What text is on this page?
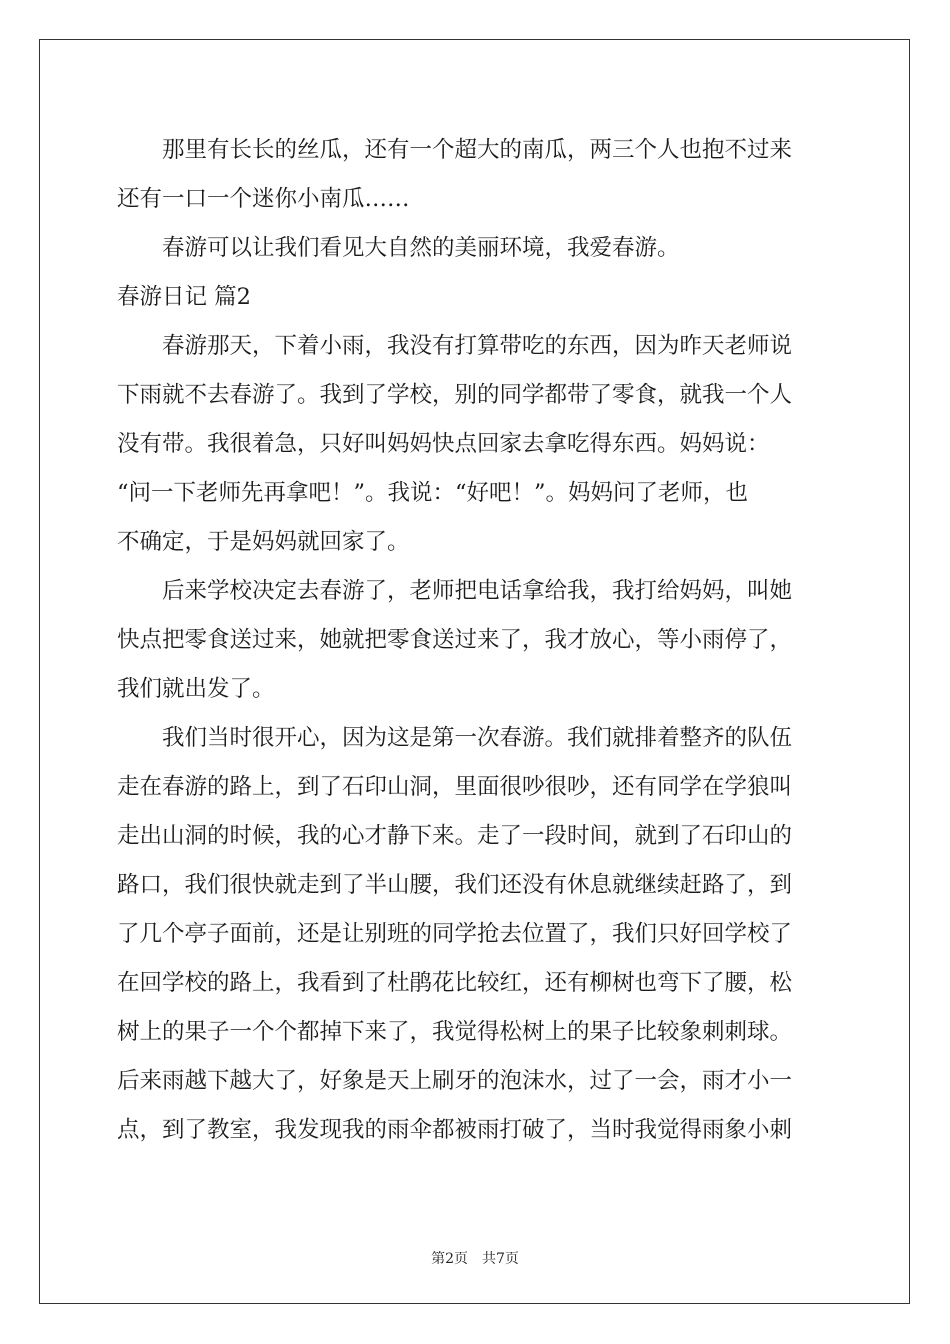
那里有长长的丝瓜，还有一个超大的南瓜，两三个人也抱不过来
还有一口一个迷你小南瓜……
春游可以让我们看见大自然的美丽环境，我爱春游。
春游日记 篇2
春游那天，下着小雨，我没有打算带吃的东西，因为昨天老师说
下雨就不去春游了。我到了学校，别的同学都带了零食，就我一个人
没有带。我很着急，只好叫妈妈快点回家去拿吃得东西。妈妈说：
“问一下老师先再拿吧！”。我说：“好吧！”。妈妈问了老师，也
不确定，于是妈妈就回家了。
后来学校决定去春游了，老师把电话拿给我，我打给妈妈，叫她
快点把零食送过来，她就把零食送过来了，我才放心，等小雨停了，
我们就出发了。
我们当时很开心，因为这是第一次春游。我们就排着整齐的队伍
走在春游的路上，到了石印山洞，里面很吵很吵，还有同学在学狼叫
走出山洞的时候，我的心才静下来。走了一段时间，就到了石印山的
路口，我们很快就走到了半山腰，我们还没有休息就继续赶路了，到
了几个亭子面前，还是让别班的同学抢去位置了，我们只好回学校了
在回学校的路上，我看到了杜鹃花比较红，还有柳树也弯下了腰，松
树上的果子一个个都掉下来了，我觉得松树上的果子比较象刺刺球。
后来雨越下越大了，好象是天上刷牙的泡沫水，过了一会，雨才小一
点，到了教室，我发现我的雨伞都被雨打破了，当时我觉得雨象小刺
第2页　共7页
